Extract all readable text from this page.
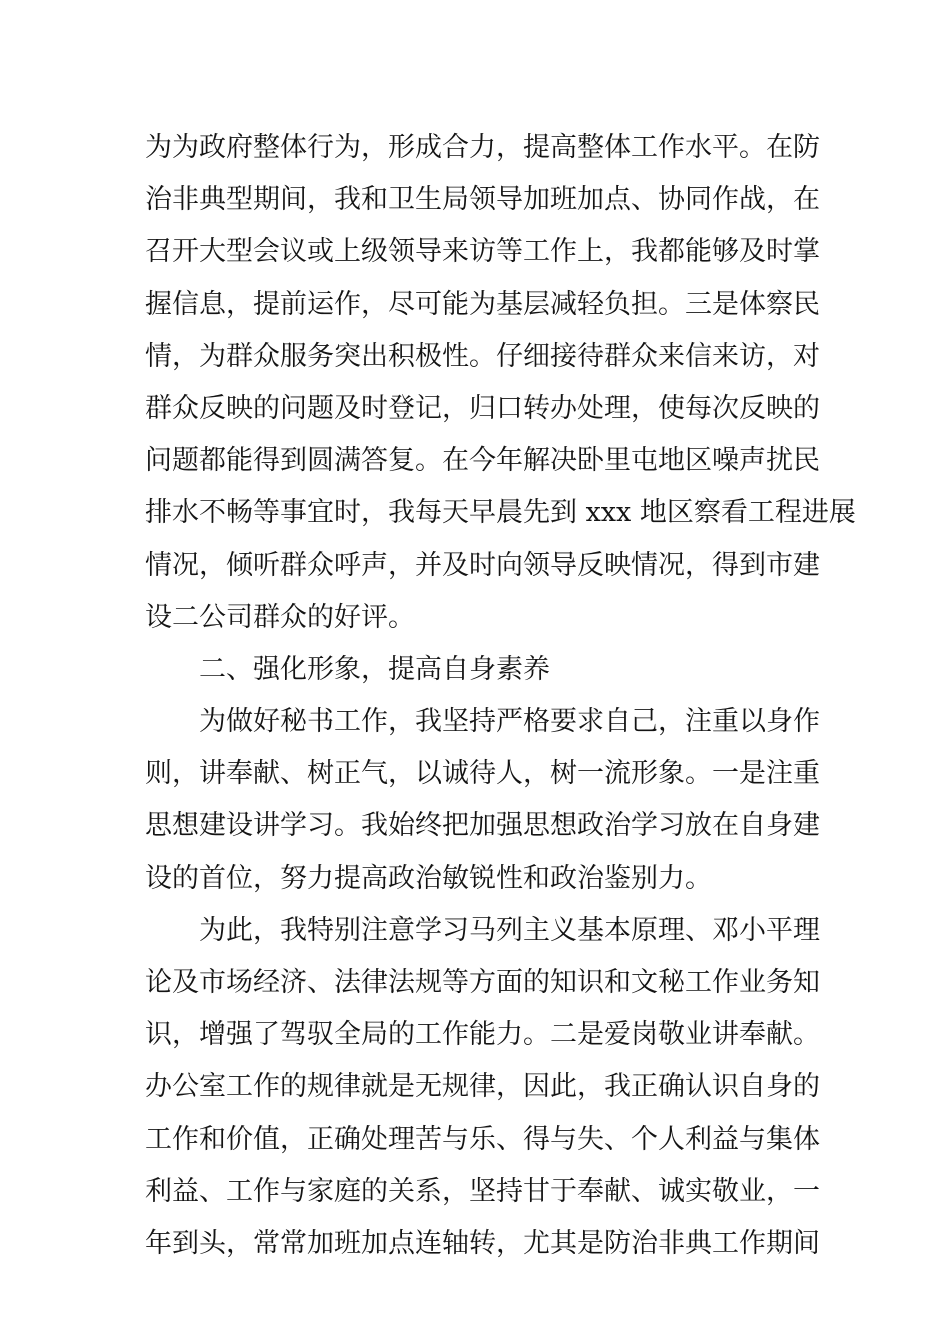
为为政府整体行为，形成合力，提高整体工作水平。在防
治非典型期间，我和卫生局领导加班加点、协同作战，在
召开大型会议或上级领导来访等工作上，我都能够及时掌
握信息，提前运作，尽可能为基层减轻负担。三是体察民
情，为群众服务突出积极性。仔细接待群众来信来访，对
群众反映的问题及时登记，归口转办处理，使每次反映的
问题都能得到圆满答复。在今年解决卧里屯地区噪声扰民
排水不畅等事宜时，我每天早晨先到 xxx 地区察看工程进展
情况，倾听群众呼声，并及时向领导反映情况，得到市建
设二公司群众的好评。
二、强化形象，提高自身素养
为做好秘书工作，我坚持严格要求自己，注重以身作
则，讲奉献、树正气，以诚待人，树一流形象。一是注重
思想建设讲学习。我始终把加强思想政治学习放在自身建
设的首位，努力提高政治敏锐性和政治鉴别力。
为此，我特别注意学习马列主义基本原理、邓小平理
论及市场经济、法律法规等方面的知识和文秘工作业务知
识，增强了驾驭全局的工作能力。二是爱岗敬业讲奉献。
办公室工作的规律就是无规律，因此，我正确认识自身的
工作和价值，正确处理苦与乐、得与失、个人利益与集体
利益、工作与家庭的关系，坚持甘于奉献、诚实敬业，一
年到头，常常加班加点连轴转，尤其是防治非典工作期间
